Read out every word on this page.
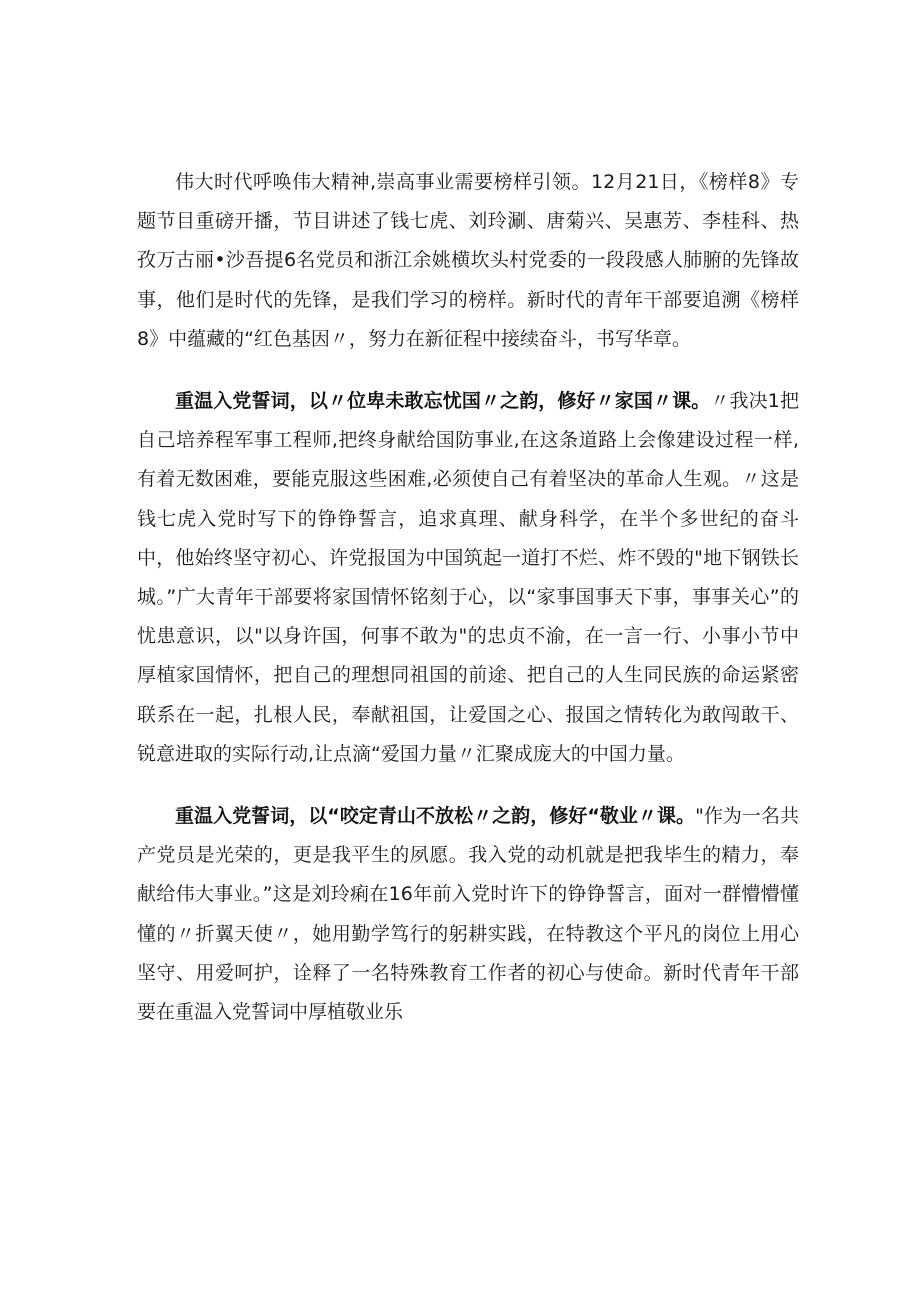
伟大时代呼唤伟大精神,崇高事业需要榜样引领。12月21日，《榜样8》专题节目重磅开播，节目讲述了钱七虎、刘玲涮、唐菊兴、吴惠芳、李桂科、热孜万古丽•沙吾提6名党员和浙江余姚横坎头村党委的一段段感人肺腑的先锋故事，他们是时代的先锋，是我们学习的榜样。新时代的青年干部要追溯《榜样8》中蕴藏的“红色基因〃，努力在新征程中接续奋斗，书写华章。

重温入党誓词，以〃位卑未敢忘忧国〃之韵，修好〃家国〃课。〃我决1把自己培养程军事工程师,把终身献给国防事业,在这条道路上会像建设过程一样,有着无数困难，要能克服这些困难,必须使自己有着坚决的革命人生观。〃这是钱七虎入党时写下的铮铮誓言，追求真理、献身科学，在半个多世纪的奋斗中，他始终坚守初心、许党报国为中国筑起一道打不烂、炸不毁的"地下钢铁长城。”广大青年干部要将家国情怀铭刻于心，以“家事国事天下事，事事关心”的忧患意识，以"以身许国，何事不敢为"的忠贞不渝，在一言一行、小事小节中厚植家国情怀，把自己的理想同祖国的前途、把自己的人生同民族的命运紧密联系在一起，扎根人民，奉献祖国，让爱国之心、报国之情转化为敢闯敢干、锐意进取的实际行动,让点滴“爱国力量〃汇聚成庞大的中国力量。

重温入党誓词，以“咬定青山不放松〃之韵，修好“敬业〃课。"作为一名共产党员是光荣的，更是我平生的夙愿。我入党的动机就是把我毕生的精力，奉献给伟大事业。”这是刘玲痢在16年前入党时许下的铮铮誓言，面对一群懵懵懂懂的〃折翼天使〃，她用勤学笃行的躬耕实践，在特教这个平凡的岗位上用心坚守、用爱呵护，诠释了一名特殊教育工作者的初心与使命。新时代青年干部要在重温入党誓词中厚植敬业乐
